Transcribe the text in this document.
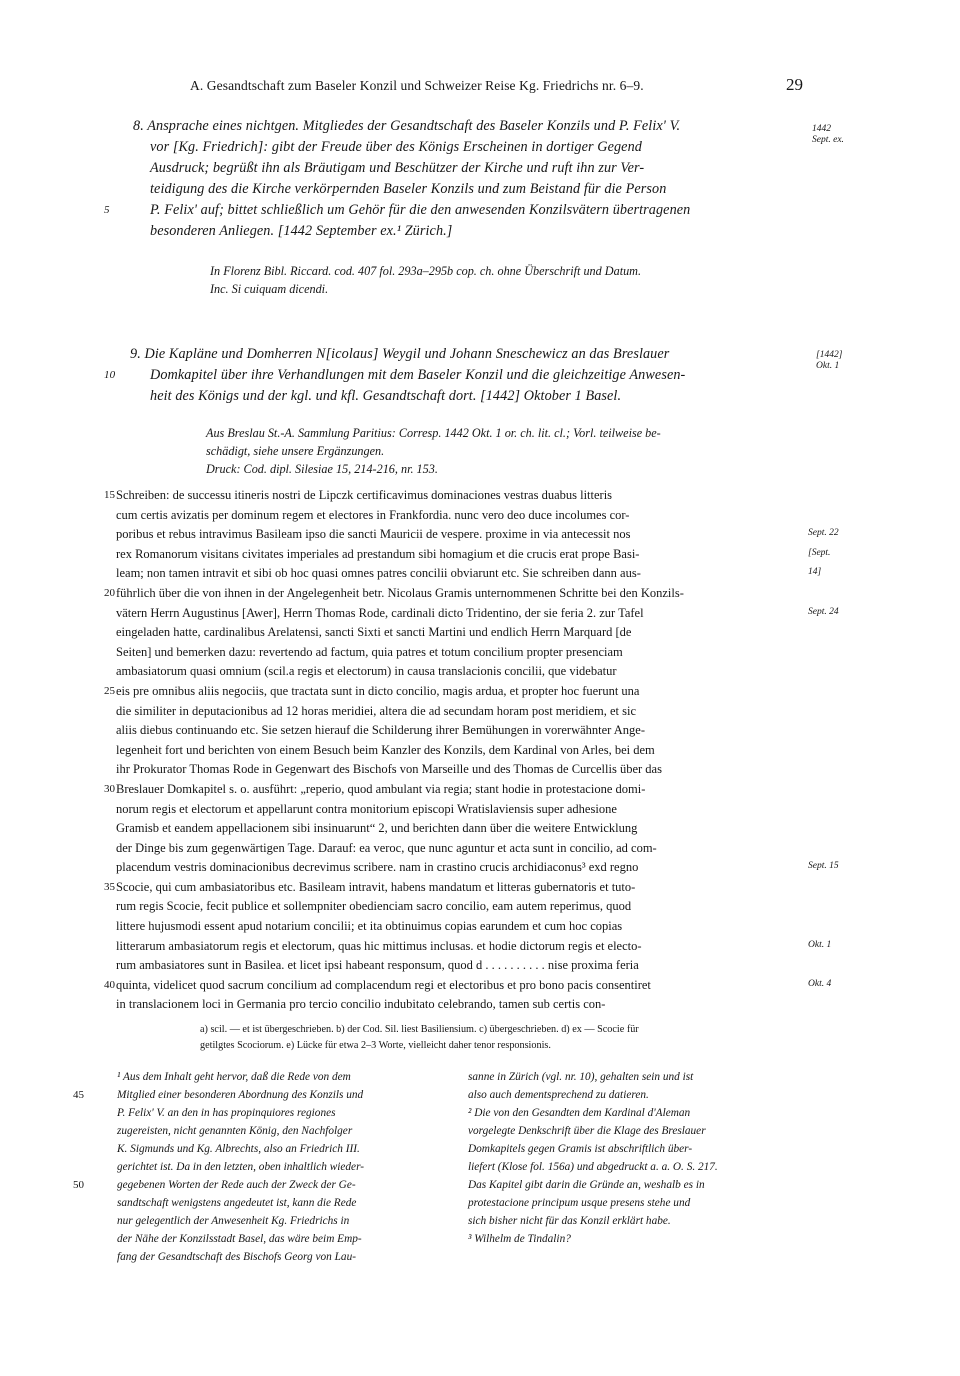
A. Gesandtschaft zum Baseler Konzil und Schweizer Reise Kg. Friedrichs nr. 6–9.	29
8. Ansprache eines nichtgen. Mitgliedes der Gesandtschaft des Baseler Konzils und P. Felix' V.
vor [Kg. Friedrich]: gibt der Freude über des Königs Erscheinen in dortiger Gegend
Ausdruck; begrüßt ihn als Bräutigam und Beschützer der Kirche und ruft ihn zur Ver-
teidigung des die Kirche verkörpernden Baseler Konzils und zum Beistand für die Person
5	P. Felix' auf; bittet schließlich um Gehör für die den anwesenden Konzilsvätern übertragenen
besonderen Anliegen. [1442 September ex.¹ Zürich.]
1442
Sept. ex.
In Florenz Bibl. Riccard. cod. 407 fol. 293a–295b cop. ch. ohne Überschrift und Datum.
Inc. Si cuiquam dicendi.
9. Die Kapläne und Domherren N[icolaus] Weygil und Johann Sneschewicz an das Breslauer
10 Domkapitel über ihre Verhandlungen mit dem Baseler Konzil und die gleichzeitige Anwesen-
heit des Königs und der kgl. und kfl. Gesandtschaft dort. [1442] Oktober 1 Basel.
[1442]
Okt. 1
Aus Breslau St.-A. Sammlung Paritius: Corresp. 1442 Okt. 1 or. ch. lit. cl.; Vorl. teilweise be-
schädigt, siehe unsere Ergänzungen.
Druck: Cod. dipl. Silesiae 15, 214-216, nr. 153.
15 Schreiben: de successu itineris nostri de Lipczk certificavimus dominaciones vestras duabus litteris
cum certis avizatis per dominum regem et electores in Frankfordia. nunc vero deo duce incolumes cor-
poribus et rebus intravimus Basileam ipso die sancti Mauricii de vespere. proxime in via antecessit nos	Sept. 22
rex Romanorum visitans civitates imperiales ad prestandum sibi homagium et die crucis erat prope Basi-	[Sept.
leam; non tamen intravit et sibi ob hoc quasi omnes patres concilii obviarunt etc. Sie schreiben dann aus-	14]
20 führlich über die von ihnen in der Angelegenheit betr. Nicolaus Gramis unternommenen Schritte bei den Konzils-
vätern Herrn Augustinus [Awer], Herrn Thomas Rode, cardinali dicto Tridentino, der sie feria 2. zur Tafel	Sept. 24
eingeladen hatte, cardinalibus Arelatensi, sancti Sixti et sancti Martini und endlich Herrn Marquard [de
Seiten] und bemerken dazu: revertendo ad factum, quia patres et totum concilium propter presenciam
ambasiatorum quasi omnium (scil.a regis et electorum) in causa translacionis concilii, que videbatur
25 eis pre omnibus aliis negociis, que tractata sunt in dicto concilio, magis ardua, et propter hoc fuerunt una
die similiter in deputacionibus ad 12 horas meridiei, altera die ad secundam horam post meridiem, et sic
aliis diebus continuando etc. Sie setzen hierauf die Schilderung ihrer Bemühungen in vorerwähnter Ange-
legenheit fort und berichten von einem Besuch beim Kanzler des Konzils, dem Kardinal von Arles, bei dem
ihr Prokurator Thomas Rode in Gegenwart des Bischofs von Marseille und des Thomas de Curcellis über das
30 Breslauer Domkapitel s. o. ausführt: „reperio, quod ambulant via regia; stant hodie in protestacione domi-
norum regis et electorum et appellarunt contra monitorium episcopi Wratislaviensis super adhesione
Gramisb et eandem appellacionem sibi insinuarunt“ 2, und berichten dann über die weitere Entwicklung
der Dinge bis zum gegenwärtigen Tage. Darauf: ea veroc, que nunc aguntur et acta sunt in concilio, ad com-
placendum vestris dominacionibus decrevimus scribere. nam in crastino crucis archidiaconus³ exd regno	Sept. 15
35 Scocie, qui cum ambasiatoribus etc. Basileam intravit, habens mandatum et litteras gubernatoris et tuto-
rum regis Scocie, fecit publice et sollempniter obedienciam sacro concilio, eam autem reperimus, quod
littere hujusmodi essent apud notarium concilii; et ita obtinuimus copias earundem et cum hoc copias
litterarum ambasiatorum regis et electorum, quas hic mittimus inclusas. et hodie dictorum regis et electo-	Okt. 1
rum ambasiatores sunt in Basilea. et licet ipsi habeant responsum, quod d . . . . . . . . . . nise proxima feria
40 quinta, videlicet quod sacrum concilium ad complacendum regi et electoribus et pro bono pacis consentiret	Okt. 4
in translacionem loci in Germania pro tercio concilio indubitato celebrando, tamen sub certis con-
a) scil. — et ist übergeschrieben. b) der Cod. Sil. liest Basiliensium. c) übergeschrieben. d) ex — Scocie für
getilgtes Scociorum. e) Lücke für etwa 2–3 Worte, vielleicht daher tenor responsionis.
¹ Aus dem Inhalt geht hervor, daß die Rede von dem
45	Mitglied einer besonderen Abordnung des Konzils und
P. Felix' V. an den in has propinquiores regiones
zugereisten, nicht genannten König, den Nachfolger
K. Sigmunds und Kg. Albrechts, also an Friedrich III.
gerichtet ist. Da in den letzten, oben inhaltlich wieder-
50	gegebenen Worten der Rede auch der Zweck der Ge-
sandtschaft wenigstens angedeutet ist, kann die Rede
nur gelegentlich der Anwesenheit Kg. Friedrichs in
der Nähe der Konzilsstadt Basel, das wäre beim Emp-
fang der Gesandtschaft des Bischofs Georg von Lau-
sanne in Zürich (vgl. nr. 10), gehalten sein und ist
also auch dementsprechend zu datieren.
² Die von den Gesandten dem Kardinal d'Aleman
vorgelegte Denkschrift über die Klage des Breslauer
Domkapitels gegen Gramis ist abschriftlich über-
liefert (Klose fol. 156a) und abgedruckt a. a. O. S. 217.
Das Kapitel gibt darin die Gründe an, weshalb es in
protestacione principum usque presens stehe und
sich bisher nicht für das Konzil erklärt habe.
³ Wilhelm de Tindalin?
